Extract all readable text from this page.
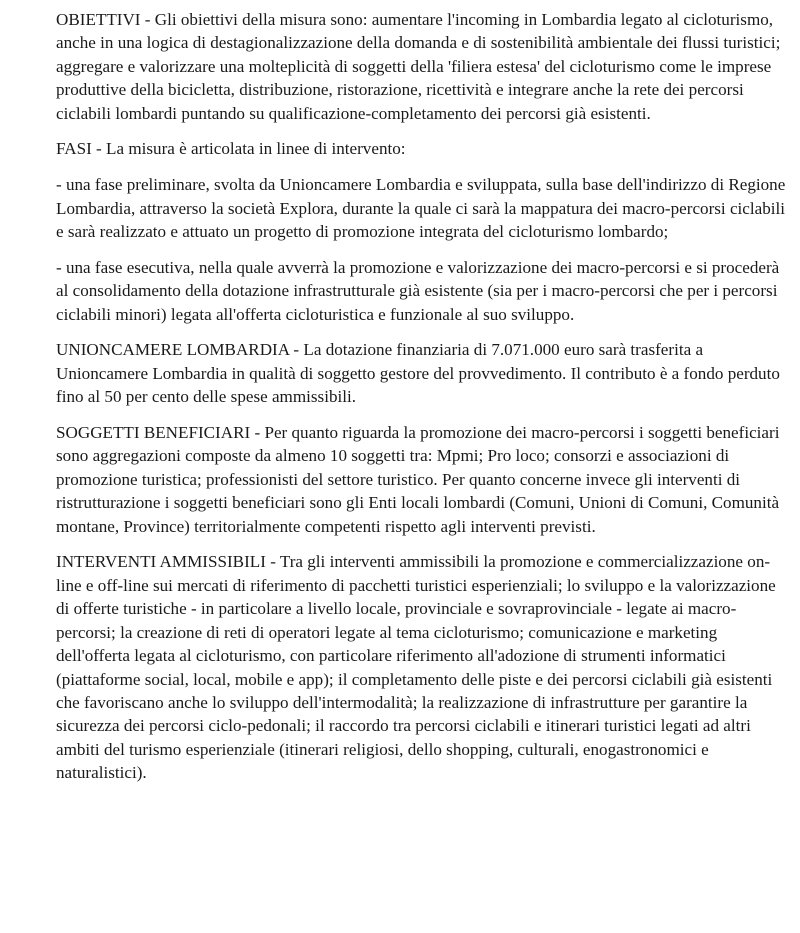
OBIETTIVI - Gli obiettivi della misura sono: aumentare l'incoming in Lombardia legato al cicloturismo, anche in una logica di destagionalizzazione della domanda e di sostenibilità ambientale dei flussi turistici; aggregare e valorizzare una molteplicità di soggetti della 'filiera estesa' del cicloturismo come le imprese produttive della bicicletta, distribuzione, ristorazione, ricettività e integrare anche la rete dei percorsi ciclabili lombardi puntando su qualificazione-completamento dei percorsi già esistenti.

FASI - La misura è articolata in linee di intervento:

- una fase preliminare, svolta da Unioncamere Lombardia e sviluppata, sulla base dell'indirizzo di Regione Lombardia, attraverso la società Explora, durante la quale ci sarà la mappatura dei macro-percorsi ciclabili e sarà realizzato e attuato un progetto di promozione integrata del cicloturismo lombardo;

- una fase esecutiva, nella quale avverrà la promozione e valorizzazione dei macro-percorsi e si procederà al consolidamento della dotazione infrastrutturale già esistente (sia per i macro-percorsi che per i percorsi ciclabili minori) legata all'offerta cicloturistica e funzionale al suo sviluppo.

UNIONCAMERE LOMBARDIA - La dotazione finanziaria di 7.071.000 euro sarà trasferita a Unioncamere Lombardia in qualità di soggetto gestore del provvedimento. Il contributo è a fondo perduto fino al 50 per cento delle spese ammissibili.

SOGGETTI BENEFICIARI - Per quanto riguarda la promozione dei macro-percorsi i soggetti beneficiari sono aggregazioni composte da almeno 10 soggetti tra: Mpmi; Pro loco; consorzi e associazioni di promozione turistica; professionisti del settore turistico. Per quanto concerne invece gli interventi di ristrutturazione i soggetti beneficiari sono gli Enti locali lombardi (Comuni, Unioni di Comuni, Comunità montane, Province) territorialmente competenti rispetto agli interventi previsti.

INTERVENTI AMMISSIBILI - Tra gli interventi ammissibili la promozione e commercializzazione on-line e off-line sui mercati di riferimento di pacchetti turistici esperienziali; lo sviluppo e la valorizzazione di offerte turistiche - in particolare a livello locale, provinciale e sovraprovinciale - legate ai macro-percorsi; la creazione di reti di operatori legate al tema cicloturismo; comunicazione e marketing dell'offerta legata al cicloturismo, con particolare riferimento all'adozione di strumenti informatici (piattaforme social, local, mobile e app); il completamento delle piste e dei percorsi ciclabili già esistenti che favoriscano anche lo sviluppo dell'intermodalità; la realizzazione di infrastrutture per garantire la sicurezza dei percorsi ciclo-pedonali; il raccordo tra percorsi ciclabili e itinerari turistici legati ad altri ambiti del turismo esperienziale (itinerari religiosi, dello shopping, culturali, enogastronomici e naturalistici).
